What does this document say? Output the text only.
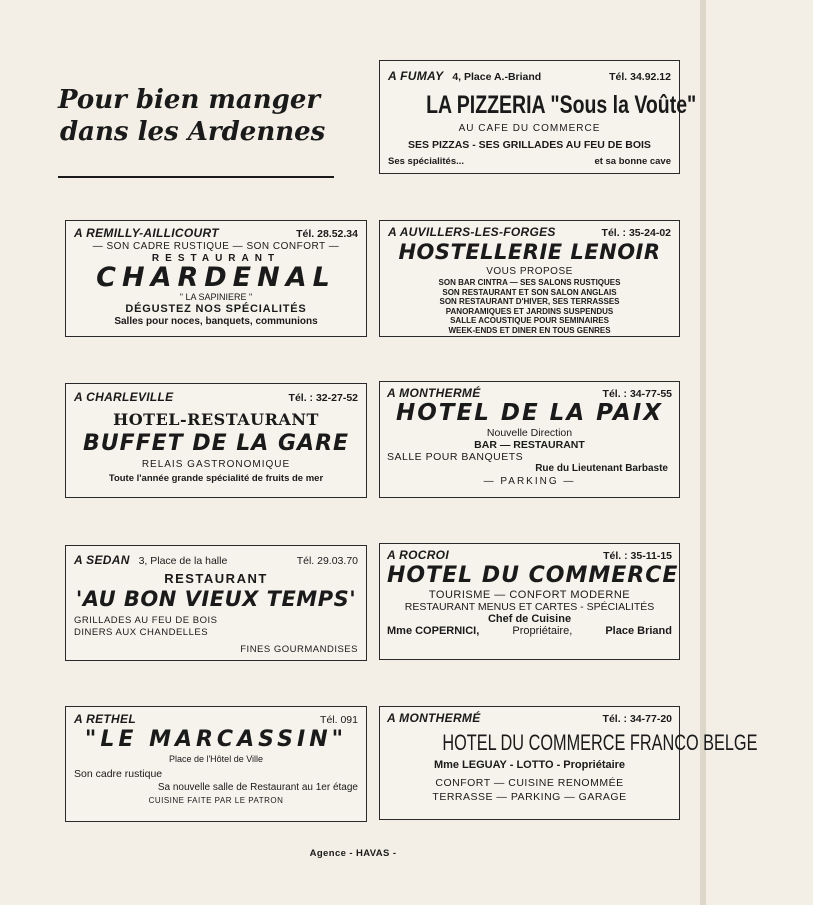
Pour bien manger
dans les Ardennes
A FUMAY 4, Place A.-Briand	Tél. 34.92.12
LA PIZZERIA "Sous la Voûte"
AU CAFE DU COMMERCE
SES PIZZAS - SES GRILLADES AU FEU DE BOIS
Ses spécialités...	et sa bonne cave
A REMILLY-AILLICOURT	Tél. 28.52.34
— SON CADRE RUSTIQUE — SON CONFORT —
RESTAURANT
CHARDENAL
" LA SAPINIERE "
DÉGUSTEZ NOS SPÉCIALITÉS
Salles pour noces, banquets, communions
A AUVILLERS-LES-FORGES	Tél. : 35-24-02
HOSTELLERIE LENOIR
VOUS PROPOSE
SON BAR CINTRA — SES SALONS RUSTIQUES
SON RESTAURANT ET SON SALON ANGLAIS
SON RESTAURANT D'HIVER, SES TERRASSES
PANORAMIQUES ET JARDINS SUSPENDUS
SALLE ACOUSTIQUE POUR SEMINAIRES
WEEK-ENDS ET DINER EN TOUS GENRES
A CHARLEVILLE	Tél. : 32-27-52
HOTEL-RESTAURANT
BUFFET DE LA GARE
RELAIS GASTRONOMIQUE
Toute l'année grande spécialité de fruits de mer
A MONTHERMÉ	Tél. : 34-77-55
HOTEL DE LA PAIX
Nouvelle Direction
BAR — RESTAURANT
SALLE POUR BANQUETS
Rue du Lieutenant Barbaste
— PARKING —
A SEDAN 3, Place de la halle	Tél. 29.03.70
RESTAURANT
'AU BON VIEUX TEMPS'
GRILLADES AU FEU DE BOIS
DINERS AUX CHANDELLES
FINES GOURMANDISES
A ROCROI	Tél. : 35-11-15
HOTEL DU COMMERCE
TOURISME — CONFORT MODERNE
RESTAURANT MENUS ET CARTES - SPÉCIALITÉS
Chef de Cuisine
Mme COPERNICI,	Propriétaire,	Place Briand
A RETHEL	Tél. 091
"LE MARCASSIN"
Place de l'Hôtel de Ville
Son cadre rustique
Sa nouvelle salle de Restaurant au 1er étage
CUISINE FAITE PAR LE PATRON
A MONTHERMÉ	Tél. : 34-77-20
HOTEL DU COMMERCE FRANCO BELGE
Mme LEGUAY - LOTTO - Propriétaire
CONFORT — CUISINE RENOMMÉE
TERRASSE — PARKING — GARAGE
Agence - HAVAS -
